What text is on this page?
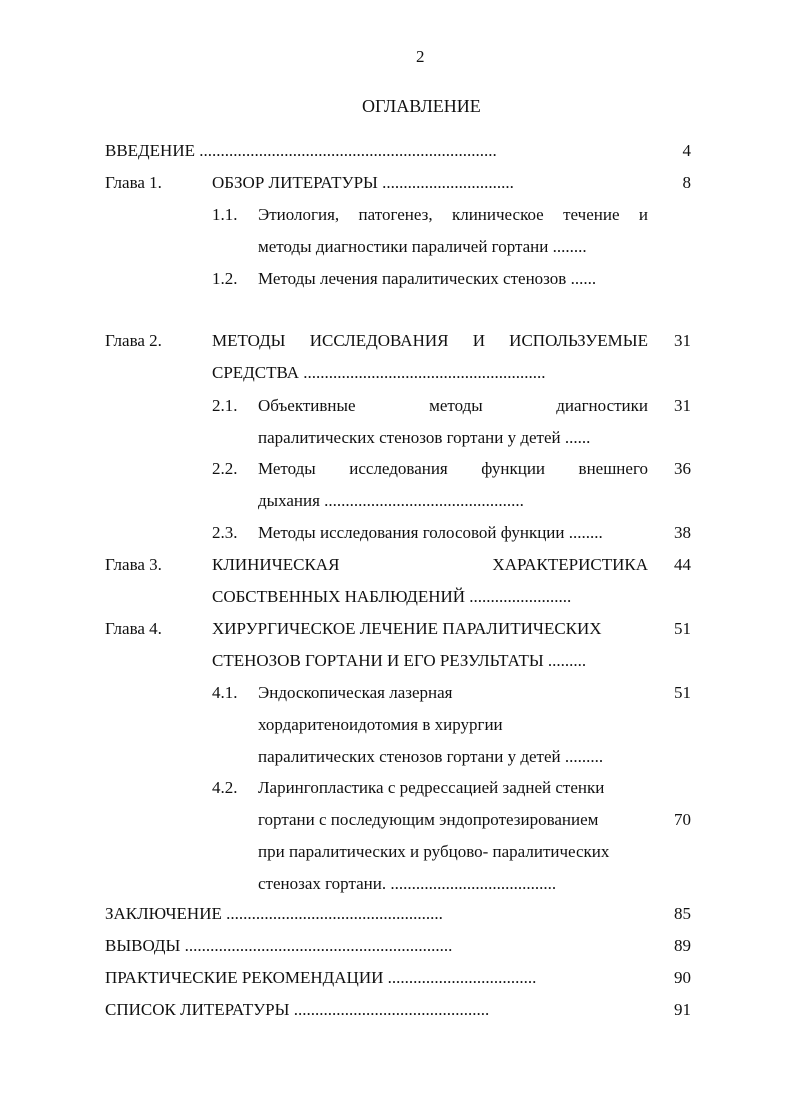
2
ОГЛАВЛЕНИЕ
ВВЕДЕНИЕ ......................................................................	4
Глава 1.	ОБЗОР ЛИТЕРАТУРЫ ...............................	8
1.1. Этиология, патогенез, клиническое течение и
методы диагностики параличей гортани ........
1.2. Методы лечения паралитических стенозов ......
Глава 2.	МЕТОДЫ ИССЛЕДОВАНИЯ И ИСПОЛЬЗУЕМЫЕ	31
СРЕДСТВА .........................................................
2.1. Объективные	методы	диагностики	31
паралитических стенозов гортани у детей ......
2.2. Методы исследования функции внешнего	36
дыхания ...............................................
2.3. Методы исследования голосовой функции ........	38
Глава 3.	КЛИНИЧЕСКАЯ	ХАРАКТЕРИСТИКА	44
СОБСТВЕННЫХ НАБЛЮДЕНИЙ ........................
Глава 4.	ХИРУРГИЧЕСКОЕ ЛЕЧЕНИЕ ПАРАЛИТИЧЕСКИХ	51
СТЕНОЗОВ ГОРТАНИ И ЕГО РЕЗУЛЬТАТЫ .........
4.1. Эндоскопическая лазерная	51
хордаритеноидотомия в хирургии
паралитических стенозов гортани у детей .........
4.2. Ларингопластика с редрессацией задней стенки
гортани с последующим эндопротезированием	70
при паралитических и рубцово- паралитических
стенозах гортани. .......................................
ЗАКЛЮЧЕНИЕ ...................................................	85
ВЫВОДЫ ...............................................................	89
ПРАКТИЧЕСКИЕ РЕКОМЕНДАЦИИ ...................................	90
СПИСОК ЛИТЕРАТУРЫ ..............................................	91
